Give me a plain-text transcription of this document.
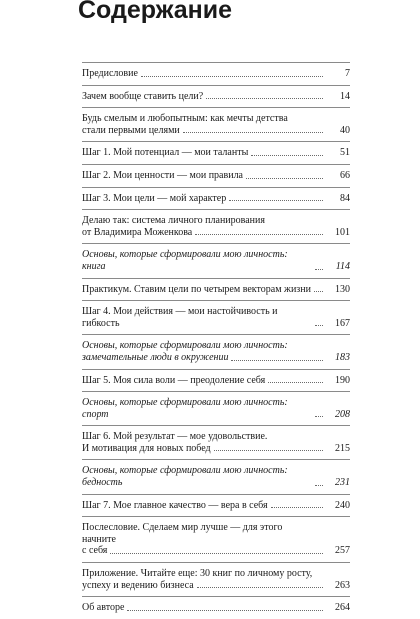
Содержание
Предисловие	7
Зачем вообще ставить цели?	14
Будь смелым и любопытным: как мечты детства
стали первыми целями	40
Шаг 1. Мой потенциал — мои таланты	51
Шаг 2. Мои ценности — мои правила	66
Шаг 3. Мои цели — мой характер	84
Делаю так: система личного планирования
от Владимира Моженкова	101
Основы, которые сформировали мою личность: книга	114
Практикум. Ставим цели по четырем векторам жизни	130
Шаг 4. Мои действия — мои настойчивость и гибкость	167
Основы, которые сформировали мою личность:
замечательные люди в окружении	183
Шаг 5. Моя сила воли — преодоление себя	190
Основы, которые сформировали мою личность: спорт	208
Шаг 6. Мой результат — мое удовольствие.
И мотивация для новых побед	215
Основы, которые сформировали мою личность: бедность	231
Шаг 7. Мое главное качество — вера в себя	240
Послесловие. Сделаем мир лучше — для этого начните
с себя	257
Приложение. Читайте еще: 30 книг по личному росту,
успеху и ведению бизнеса	263
Об авторе	264
